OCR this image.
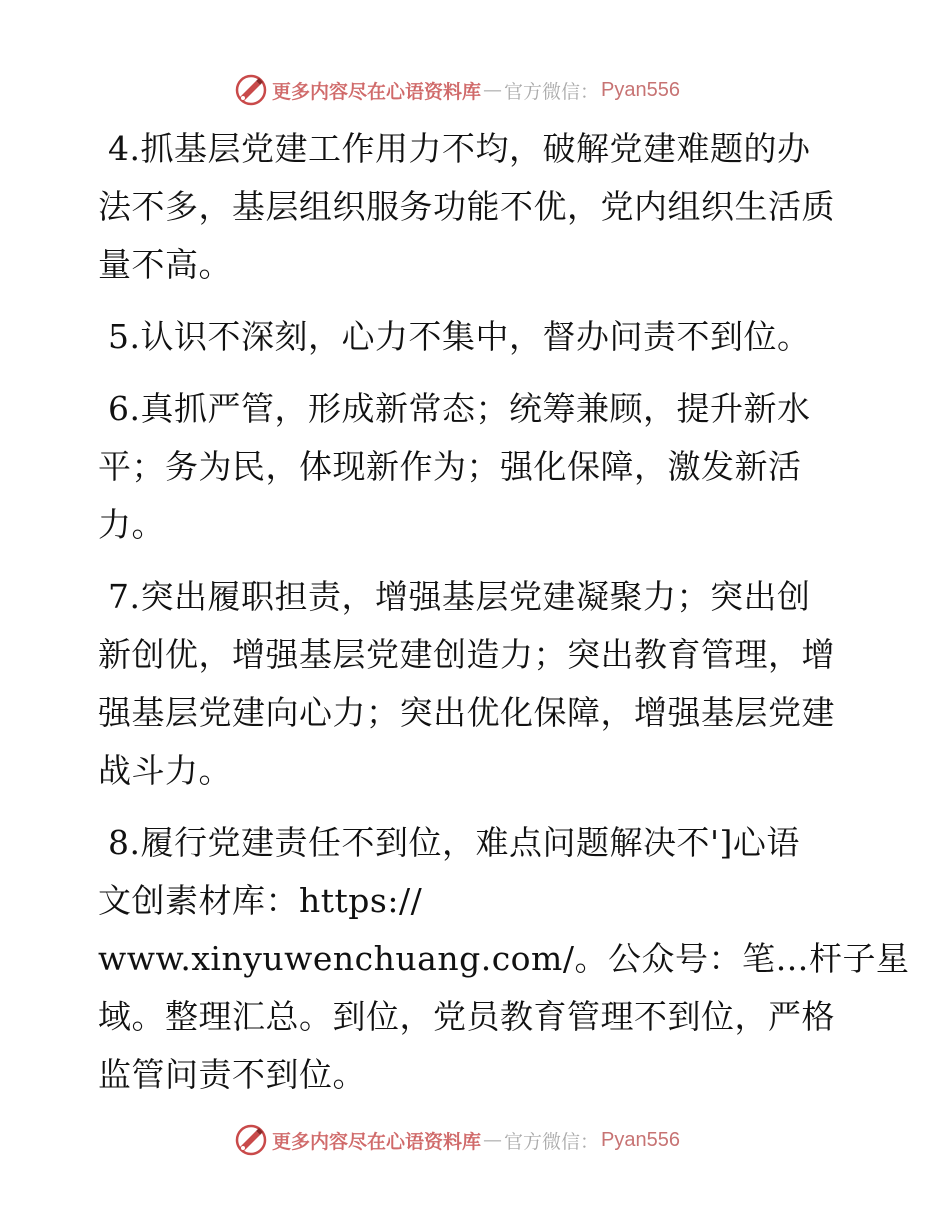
更多内容尽在心语资料库 — 官方微信： Pyan556

4.抓基层党建工作用力不均，破解党建难题的办
法不多，基层组织服务功能不优，党内组织生活质
量不高。

5.认识不深刻，心力不集中，督办问责不到位。

6.真抓严管，形成新常态；统筹兼顾，提升新水
平；务为民，体现新作为；强化保障，激发新活
力。

7.突出履职担责，增强基层党建凝聚力；突出创
新创优，增强基层党建创造力；突出教育管理，增
强基层党建向心力；突出优化保障，增强基层党建
战斗力。

8.履行党建责任不到位，难点问题解决不']心语
文创素材库：https://
www.xinyuwenchuang.com/。公众号：笔…杆子星
域。整理汇总。到位，党员教育管理不到位，严格
监管问责不到位。

更多内容尽在心语资料库 — 官方微信： Pyan556
